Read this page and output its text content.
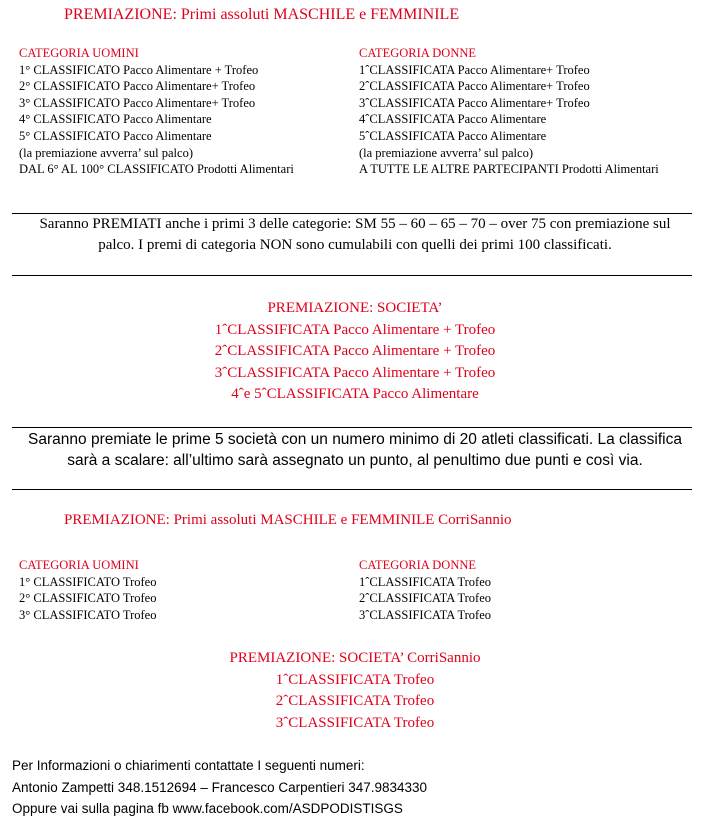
PREMIAZIONE: Primi assoluti MASCHILE e FEMMINILE
CATEGORIA UOMINI
1° CLASSIFICATO Pacco Alimentare + Trofeo
2° CLASSIFICATO Pacco Alimentare+ Trofeo
3° CLASSIFICATO Pacco Alimentare+ Trofeo
4° CLASSIFICATO Pacco Alimentare
5° CLASSIFICATO Pacco Alimentare
(la premiazione avverra’ sul palco)
DAL 6° AL 100° CLASSIFICATO Prodotti Alimentari
CATEGORIA DONNE
1ˆCLASSIFICATA Pacco Alimentare+ Trofeo
2ˆCLASSIFICATA Pacco Alimentare+ Trofeo
3ˆCLASSIFICATA Pacco Alimentare+ Trofeo
4ˆCLASSIFICATA Pacco Alimentare
5ˆCLASSIFICATA Pacco Alimentare
(la premiazione avverra’ sul palco)
A TUTTE LE ALTRE PARTECIPANTI Prodotti Alimentari
Saranno PREMIATI anche i primi 3 delle categorie: SM 55 – 60 – 65 – 70 – over 75 con premiazione sul palco. I premi di categoria NON sono cumulabili con quelli dei primi 100 classificati.
PREMIAZIONE: SOCIETA’
1ˆCLASSIFICATA Pacco Alimentare + Trofeo
2ˆCLASSIFICATA Pacco Alimentare + Trofeo
3ˆCLASSIFICATA Pacco Alimentare + Trofeo
4ˆe 5ˆCLASSIFICATA Pacco Alimentare
Saranno premiate le prime 5 società con un numero minimo di 20 atleti classificati. La classifica sarà a scalare: all’ultimo sarà assegnato un punto, al penultimo due punti e così via.
PREMIAZIONE: Primi assoluti MASCHILE e FEMMINILE CorriSannio
CATEGORIA UOMINI
1° CLASSIFICATO Trofeo
2° CLASSIFICATO Trofeo
3° CLASSIFICATO Trofeo
CATEGORIA DONNE
1ˆCLASSIFICATA Trofeo
2ˆCLASSIFICATA Trofeo
3ˆCLASSIFICATA Trofeo
PREMIAZIONE: SOCIETA’ CorriSannio
1ˆCLASSIFICATA Trofeo
2ˆCLASSIFICATA Trofeo
3ˆCLASSIFICATA Trofeo
Per Informazioni o chiarimenti contattate I seguenti numeri:
Antonio Zampetti 348.1512694 – Francesco Carpentieri 347.9834330
Oppure vai sulla pagina fb www.facebook.com/ASDPODISTISGS
